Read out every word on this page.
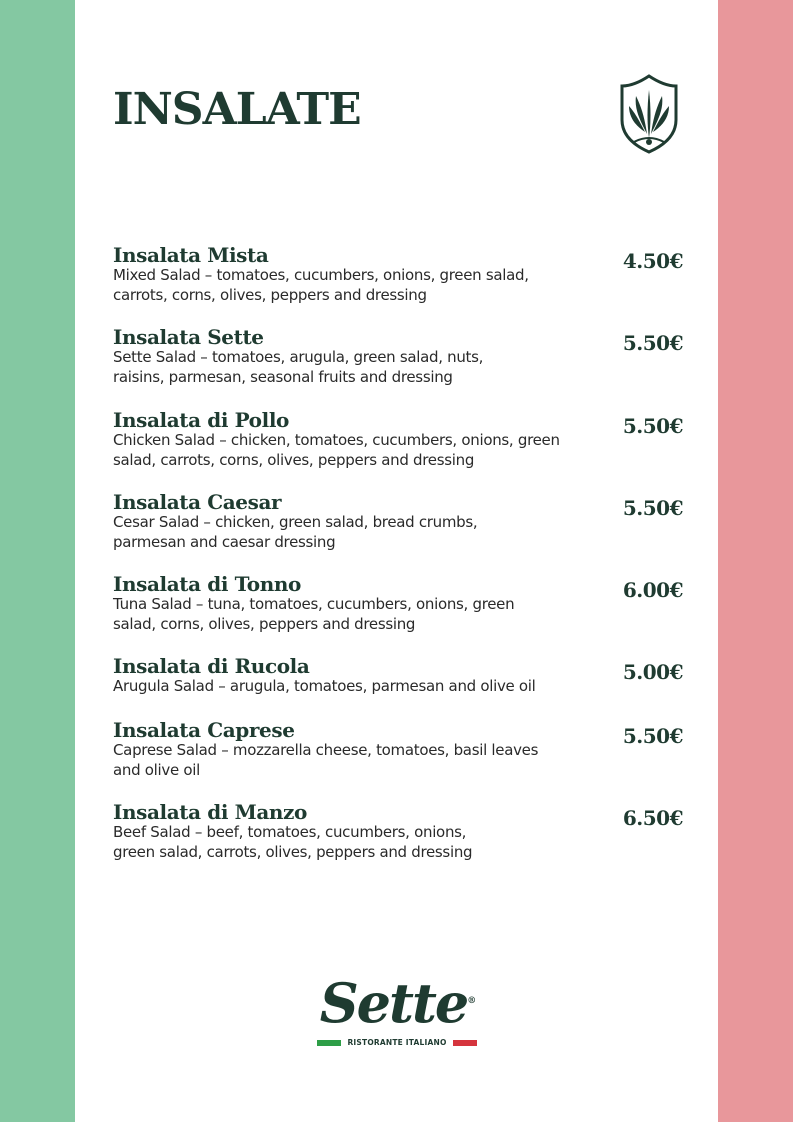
INSALATE
Insalata Mista
Mixed Salad – tomatoes, cucumbers, onions, green salad,
carrots, corns, olives, peppers and dressing
4.50€
Insalata Sette
Sette Salad – tomatoes, arugula, green salad, nuts,
raisins, parmesan, seasonal fruits and dressing
5.50€
Insalata di Pollo
Chicken Salad – chicken, tomatoes, cucumbers, onions, green
salad, carrots, corns, olives, peppers and dressing
5.50€
Insalata Caesar
Cesar Salad – chicken, green salad, bread crumbs,
parmesan and caesar dressing
5.50€
Insalata di Tonno
Tuna Salad – tuna, tomatoes, cucumbers, onions, green
salad, corns, olives, peppers and dressing
6.00€
Insalata di Rucola
Arugula Salad – arugula, tomatoes, parmesan and olive oil
5.00€
Insalata Caprese
Caprese Salad – mozzarella cheese, tomatoes, basil leaves
and olive oil
5.50€
Insalata di Manzo
Beef Salad – beef, tomatoes, cucumbers, onions,
green salad, carrots, olives, peppers and dressing
6.50€
Sette®
RISTORANTE ITALIANO
